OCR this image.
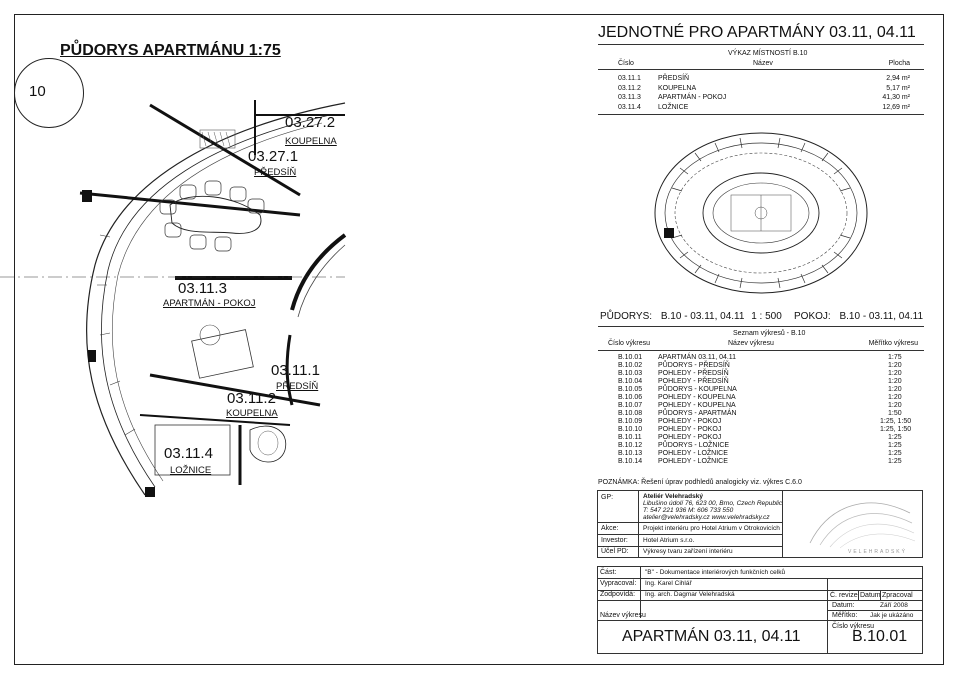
PŮDORYS APARTMÁNU 1:75
10
03.27.2
KOUPELNA
03.27.1
PŘEDSÍŇ
03.11.3
APARTMÁN - POKOJ
03.11.1
PŘEDSÍŇ
03.11.2
KOUPELNA
03.11.4
LOŽNICE
JEDNOTNÉ PRO APARTMÁNY 03.11, 04.11
VÝKAZ MÍSTNOSTÍ B.10
Číslo	Název	Plocha
03.11.1 PŘEDSÍŇ	2,94 m²
03.11.2 KOUPELNA	5,17 m²
03.11.3 APARTMÁN - POKOJ	41,30 m²
03.11.4 LOŽNICE	12,69 m²
PŮDORYS: B.10 - 03.11, 04.11 1 : 500 POKOJ: B.10 - 03.11, 04.11
Seznam výkresů - B.10
Číslo výkresu	Název výkresu	Měřítko výkresu
B.10.01 APARTMÁN 03.11, 04.11	1:75
B.10.02 PŮDORYS - PŘEDSÍŇ	1:20
B.10.03 POHLEDY - PŘEDSÍŇ	1:20
B.10.04 POHLEDY - PŘEDSÍŇ	1:20
B.10.05 PŮDORYS - KOUPELNA	1:20
B.10.06 POHLEDY - KOUPELNA	1:20
B.10.07 POHLEDY - KOUPELNA	1:20
B.10.08 PŮDORYS - APARTMÁN	1:50
B.10.09 POHLEDY - POKOJ	1:25, 1:50
B.10.10 POHLEDY - POKOJ	1:25, 1:50
B.10.11 POHLEDY - POKOJ	1:25
B.10.12 PŮDORYS - LOŽNICE	1:25
B.10.13 POHLEDY - LOŽNICE	1:25
B.10.14 POHLEDY - LOŽNICE	1:25
POZNÁMKA: Řešení úprav podhledů analogicky viz. výkres C.6.0
GP:	Ateliér Velehradský
Libušino údolí 76, 623 00, Brno, Czech Republic
T: 547 221 936 M: 606 733 550
atelier@velehradsky.cz www.velehradsky.cz
Akce:	Projekt interiéru pro Hotel Atrium v Otrokovicích
Investor: Hotel Atrium s.r.o.
Účel PD: Výkresy tvaru zařízení interiéru	VELEHRADSKÝ
Část:	"B" - Dokumentace interiérových funkčních celků
Vypracoval: Ing. Karel Cihlář
Zodpovídá: Ing. arch. Dagmar Velehradská	Č. revize Datum Zpracoval
Datum:	Září 2008
Měřítko: Jak je ukázáno
Název výkresu
Číslo výkresu
APARTMÁN 03.11, 04.11	B.10.01
